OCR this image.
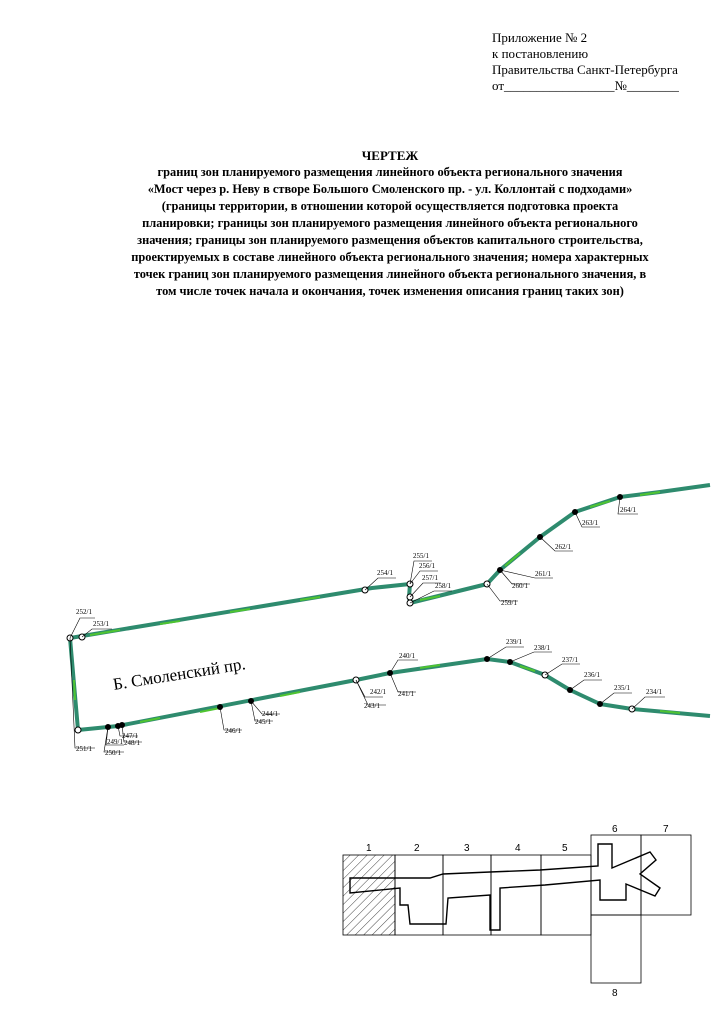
Приложение № 2
к постановлению
Правительства Санкт-Петербурга
от_________________№________
ЧЕРТЕЖ
границ зон планируемого размещения линейного объекта регионального значения
«Мост через р. Неву в створе Большого Смоленского пр. - ул. Коллонтай с подходами»
(границы территории, в отношении которой осуществляется подготовка проекта
планировки; границы зон планируемого размещения линейного объекта регионального
значения; границы зон планируемого размещения объектов капитального строительства,
проектируемых в составе линейного объекта регионального значения; номера характерных
точек границ зон планируемого размещения линейного объекта регионального значения, в
том числе точек начала и окончания, точек изменения описания границ таких зон)
252/1
253/1
254/1
255/1
256/1
257/1
258/1
259/1
260/1
261/1
262/1
263/1
264/1
239/1
238/1
237/1
236/1
235/1 234/1
240/1
241/1
242/1
243/1
244/1
245/1
246/1
247/1
248/1
249/1
250/1
251/1
Б. Смоленский пр.
1	2	3	4	5
6	7
8
